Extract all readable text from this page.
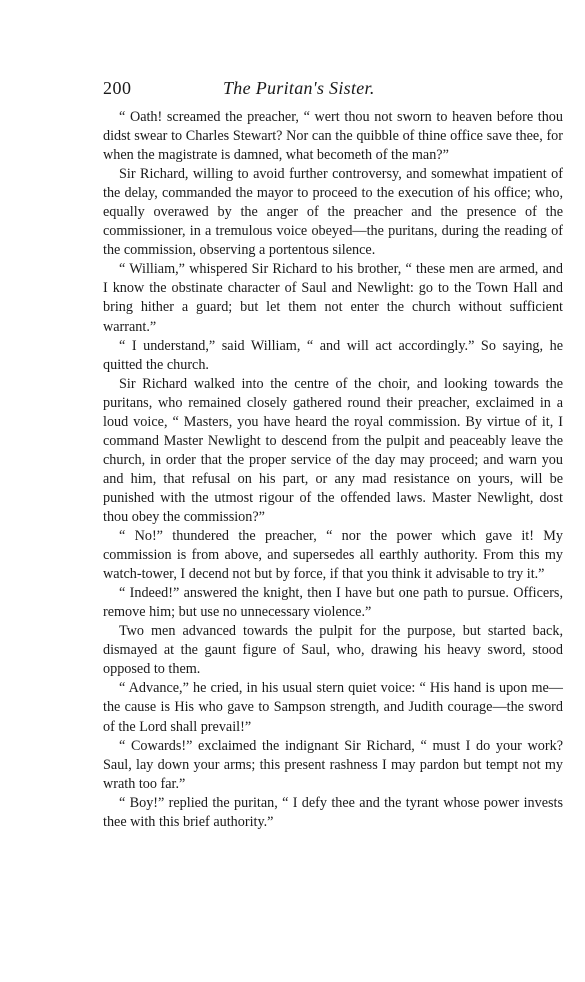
200	The Puritan's Sister.

“ Oath! screamed the preacher, “ wert thou not sworn to heaven before thou didst swear to Charles Stewart? Nor can the quibble of thine office save thee, for when the magistrate is damned, what becometh of the man?”

Sir Richard, willing to avoid further controversy, and somewhat impatient of the delay, commanded the mayor to proceed to the execution of his office; who, equally overawed by the anger of the preacher and the presence of the commissioner, in a tremulous voice obeyed—the puritans, during the reading of the commission, observing a portentous silence.

“ William,” whispered Sir Richard to his brother, “ these men are armed, and I know the obstinate character of Saul and Newlight: go to the Town Hall and bring hither a guard; but let them not enter the church without sufficient warrant.”

“ I understand,” said William, “ and will act accordingly.” So saying, he quitted the church.

Sir Richard walked into the centre of the choir, and looking towards the puritans, who remained closely gathered round their preacher, exclaimed in a loud voice, “ Masters, you have heard the royal commission. By virtue of it, I command Master Newlight to descend from the pulpit and peaceably leave the church, in order that the proper service of the day may proceed; and warn you and him, that refusal on his part, or any mad resistance on yours, will be punished with the utmost rigour of the offended laws. Master Newlight, dost thou obey the commission?”

“ No!” thundered the preacher, “ nor the power which gave it! My commission is from above, and supersedes all earthly authority. From this my watch-tower, I decend not but by force, if that you think it advisable to try it.”

“ Indeed!” answered the knight, then I have but one path to pursue. Officers, remove him; but use no unnecessary violence.”

Two men advanced towards the pulpit for the purpose, but started back, dismayed at the gaunt figure of Saul, who, drawing his heavy sword, stood opposed to them.

“ Advance,” he cried, in his usual stern quiet voice: “ His hand is upon me—the cause is His who gave to Sampson strength, and Judith courage—the sword of the Lord shall prevail!”

“ Cowards!” exclaimed the indignant Sir Richard, “ must I do your work? Saul, lay down your arms; this present rashness I may pardon but tempt not my wrath too far.”

“ Boy!” replied the puritan, “ I defy thee and the tyrant whose power invests thee with this brief authority.”
